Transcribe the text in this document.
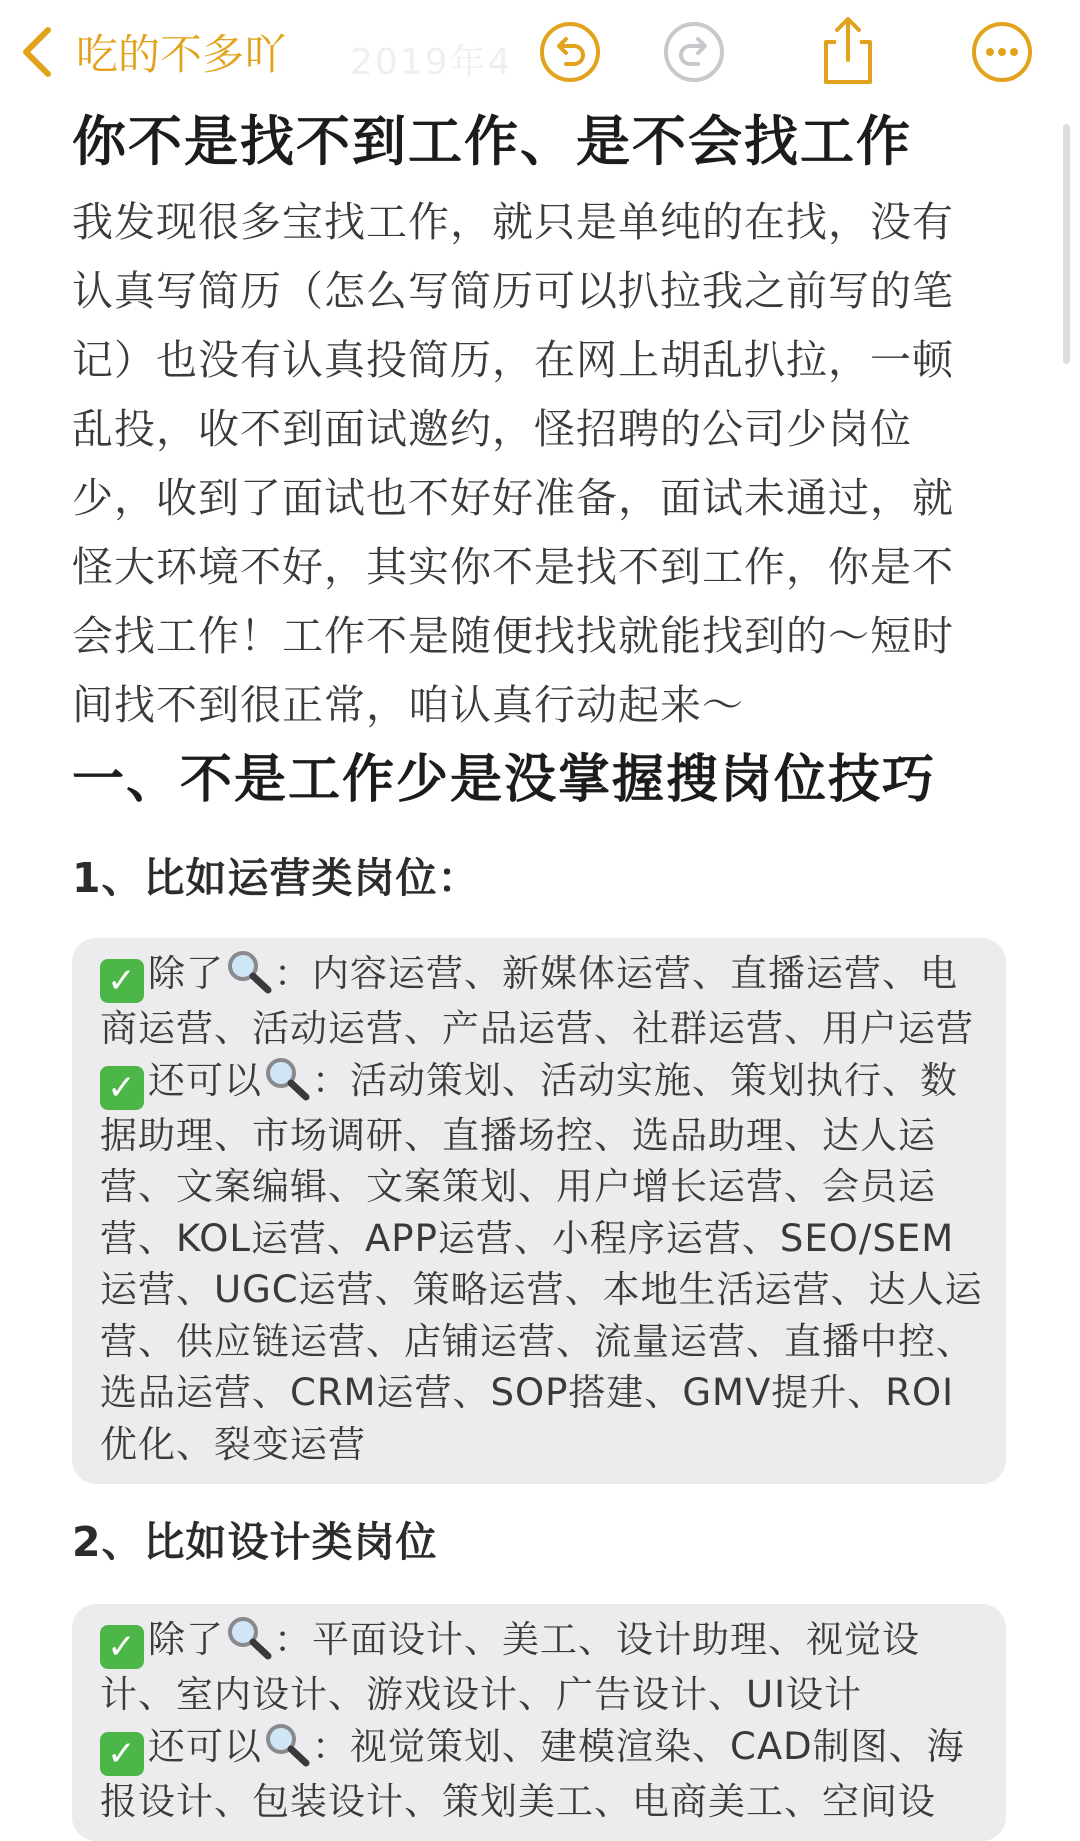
吃的不多吖 2019年4
你不是找不到工作、是不会找工作

我发现很多宝找工作，就只是单纯的在找，没有认真写简历（怎么写简历可以扒拉我之前写的笔记）也没有认真投简历，在网上胡乱扒拉，一顿乱投，收不到面试邀约，怪招聘的公司少岗位少，收到了面试也不好好准备，面试未通过，就怪大环境不好，其实你不是找不到工作，你是不会找工作！工作不是随便找找就能找到的～短时间找不到很正常，咱认真行动起来～

一、不是工作少是没掌握搜岗位技巧
1、比如运营类岗位：

✓ 除了 ：内容运营、新媒体运营、直播运营、电商运营、活动运营、产品运营、社群运营、用户运营

✓ 还可以 ：活动策划、活动实施、策划执行、数据助理、市场调研、直播场控、选品助理、达人运营、文案编辑、文案策划、用户增长运营、会员运营、KOL运营、APP运营、小程序运营、SEO/SEM运营、UGC运营、策略运营、本地生活运营、达人运营、供应链运营、店铺运营、流量运营、直播中控、选品运营、CRM运营、SOP搭建、GMV提升、ROI优化、裂变运营

2、比如设计类岗位

✓ 除了 ：平面设计、美工、设计助理、视觉设计、室内设计、游戏设计、广告设计、UI设计

✓ 还可以 ：视觉策划、建模渲染、CAD制图、海报设计、包装设计、策划美工、电商美工、空间设
